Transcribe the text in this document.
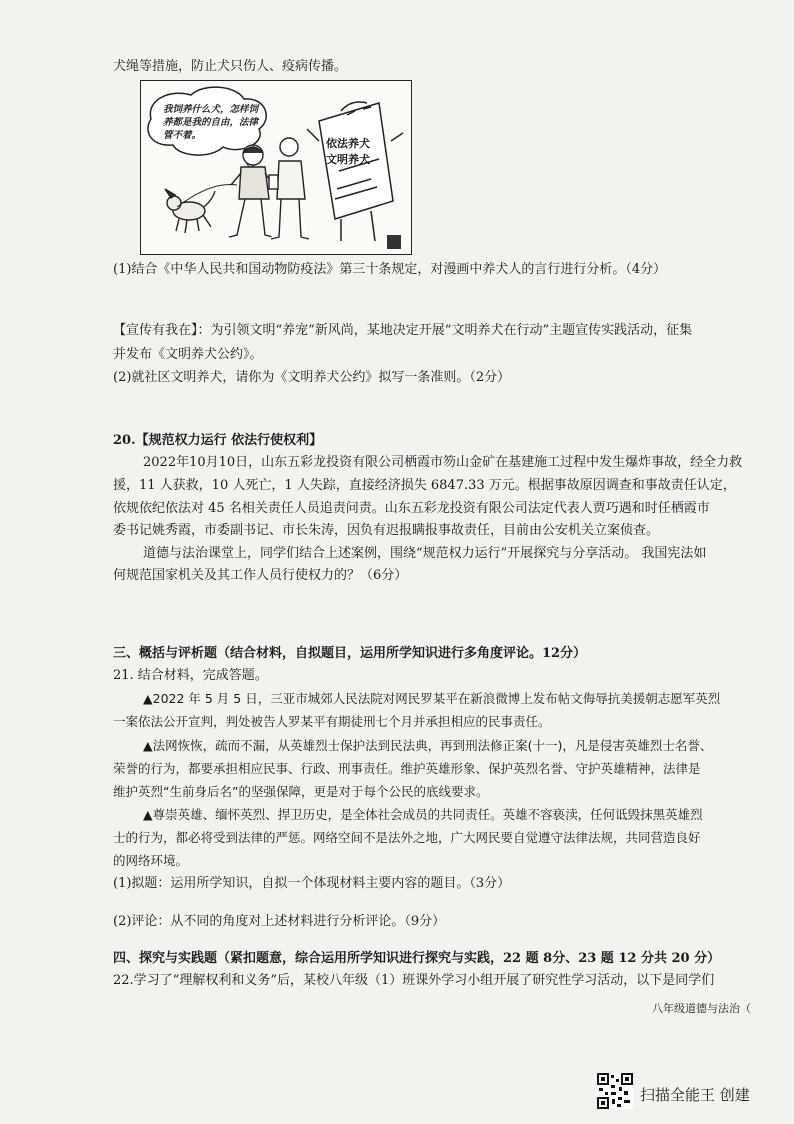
犬绳等措施，防止犬只伤人、疫病传播。
我饲养什么犬，怎样饲养都是我的自由，法律管不着。
依法养犬
文明养犬
(1)结合《中华人民共和国动物防疫法》第三十条规定，对漫画中养犬人的言行进行分析。（4分）
【宣传有我在】：为引领文明“养宠”新风尚，某地决定开展“文明养犬在行动”主题宣传实践活动，征集
并发布《文明养犬公约》。
(2)就社区文明养犬，请你为《文明养犬公约》拟写一条准则。（2分）
20.【规范权力运行 依法行使权利】
2022年10月10日，山东五彩龙投资有限公司栖霞市笏山金矿在基建施工过程中发生爆炸事故，经全力救
援，11 人获救，10 人死亡，1 人失踪，直接经济损失 6847.33 万元。根据事故原因调查和事故责任认定，
依规依纪依法对 45 名相关责任人员追责问责。山东五彩龙投资有限公司法定代表人贾巧遇和时任栖霞市
委书记姚秀霞，市委副书记、市长朱涛，因负有迟报瞒报事故责任，目前由公安机关立案侦查。
道德与法治课堂上，同学们结合上述案例，围绕“规范权力运行”开展探究与分享活动。 我国宪法如
何规范国家机关及其工作人员行使权力的？（6分）
三、概括与评析题（结合材料，自拟题目，运用所学知识进行多角度评论。12分）
21. 结合材料，完成答题。
▲2022 年 5 月 5 日，三亚市城郊人民法院对网民罗某平在新浪微博上发布帖文侮辱抗美援朝志愿军英烈
一案依法公开宣判，判处被告人罗某平有期徒刑七个月并承担相应的民事责任。
▲法网恢恢，疏而不漏，从英雄烈士保护法到民法典，再到刑法修正案(十一)，凡是侵害英雄烈士名誉、
荣誉的行为，都要承担相应民事、行政、刑事责任。维护英雄形象、保护英烈名誉、守护英雄精神，法律是
维护英烈“生前身后名”的坚强保障，更是对于每个公民的底线要求。
▲尊崇英雄、缅怀英烈、捍卫历史，是全体社会成员的共同责任。英雄不容亵渎，任何诋毁抹黑英雄烈
士的行为，都必将受到法律的严惩。网络空间不是法外之地，广大网民要自觉遵守法律法规，共同营造良好
的网络环境。
(1)拟题：运用所学知识，自拟一个体现材料主要内容的题目。（3分）
(2)评论：从不同的角度对上述材料进行分析评论。（9分）
四、探究与实践题（紧扣题意，综合运用所学知识进行探究与实践，22 题 8分、23 题 12 分共 20 分）
22.学习了“理解权利和义务”后，某校八年级（1）班课外学习小组开展了研究性学习活动，以下是同学们
八年级道德与法治（
扫描全能王 创建
